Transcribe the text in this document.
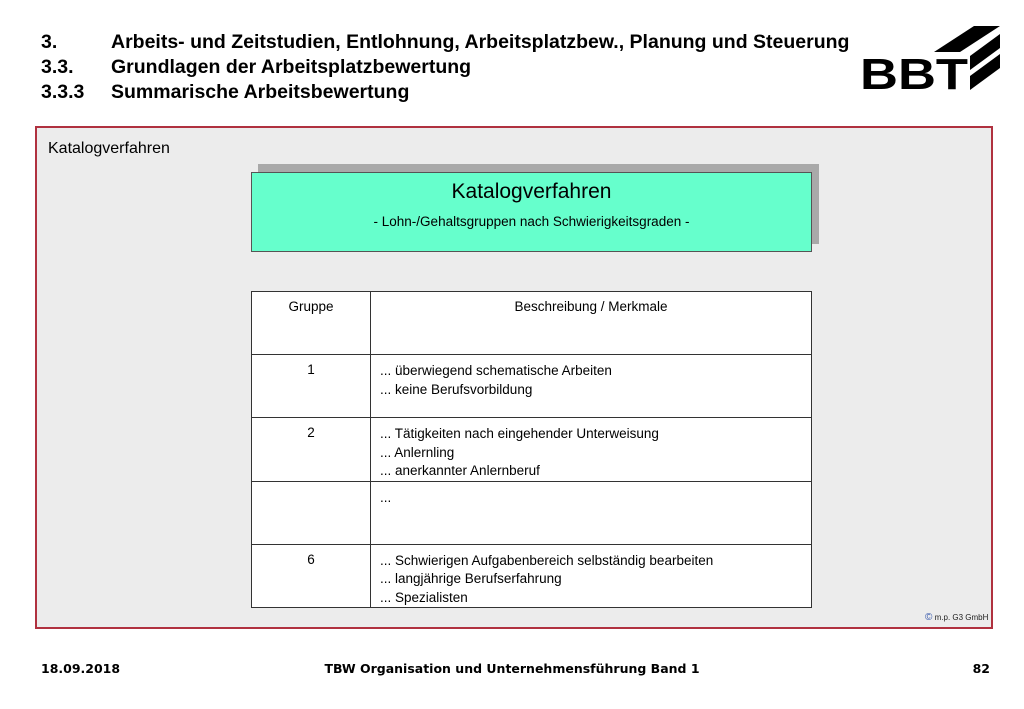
3.	Arbeits- und Zeitstudien, Entlohnung, Arbeitsplatzbew., Planung und Steuerung
3.3.	Grundlagen der Arbeitsplatzbewertung
3.3.3	Summarische Arbeitsbewertung	BBT
Katalogverfahren
Katalogverfahren
- Lohn-/Gehaltsgruppen nach Schwierigkeitsgraden -
Gruppe	Beschreibung / Merkmale
1	... überwiegend schematische Arbeiten
... keine Berufsvorbildung

2	... Tätigkeiten nach eingehender Unterweisung
... Anlernling
... anerkannter Anlernberuf

	...

6	... Schwierigen Aufgabenbereich selbständig bearbeiten
... langjährige Berufserfahrung
... Spezialisten
© m.p. G3 GmbH
18.09.2018	TBW Organisation und Unternehmensführung Band 1	82
